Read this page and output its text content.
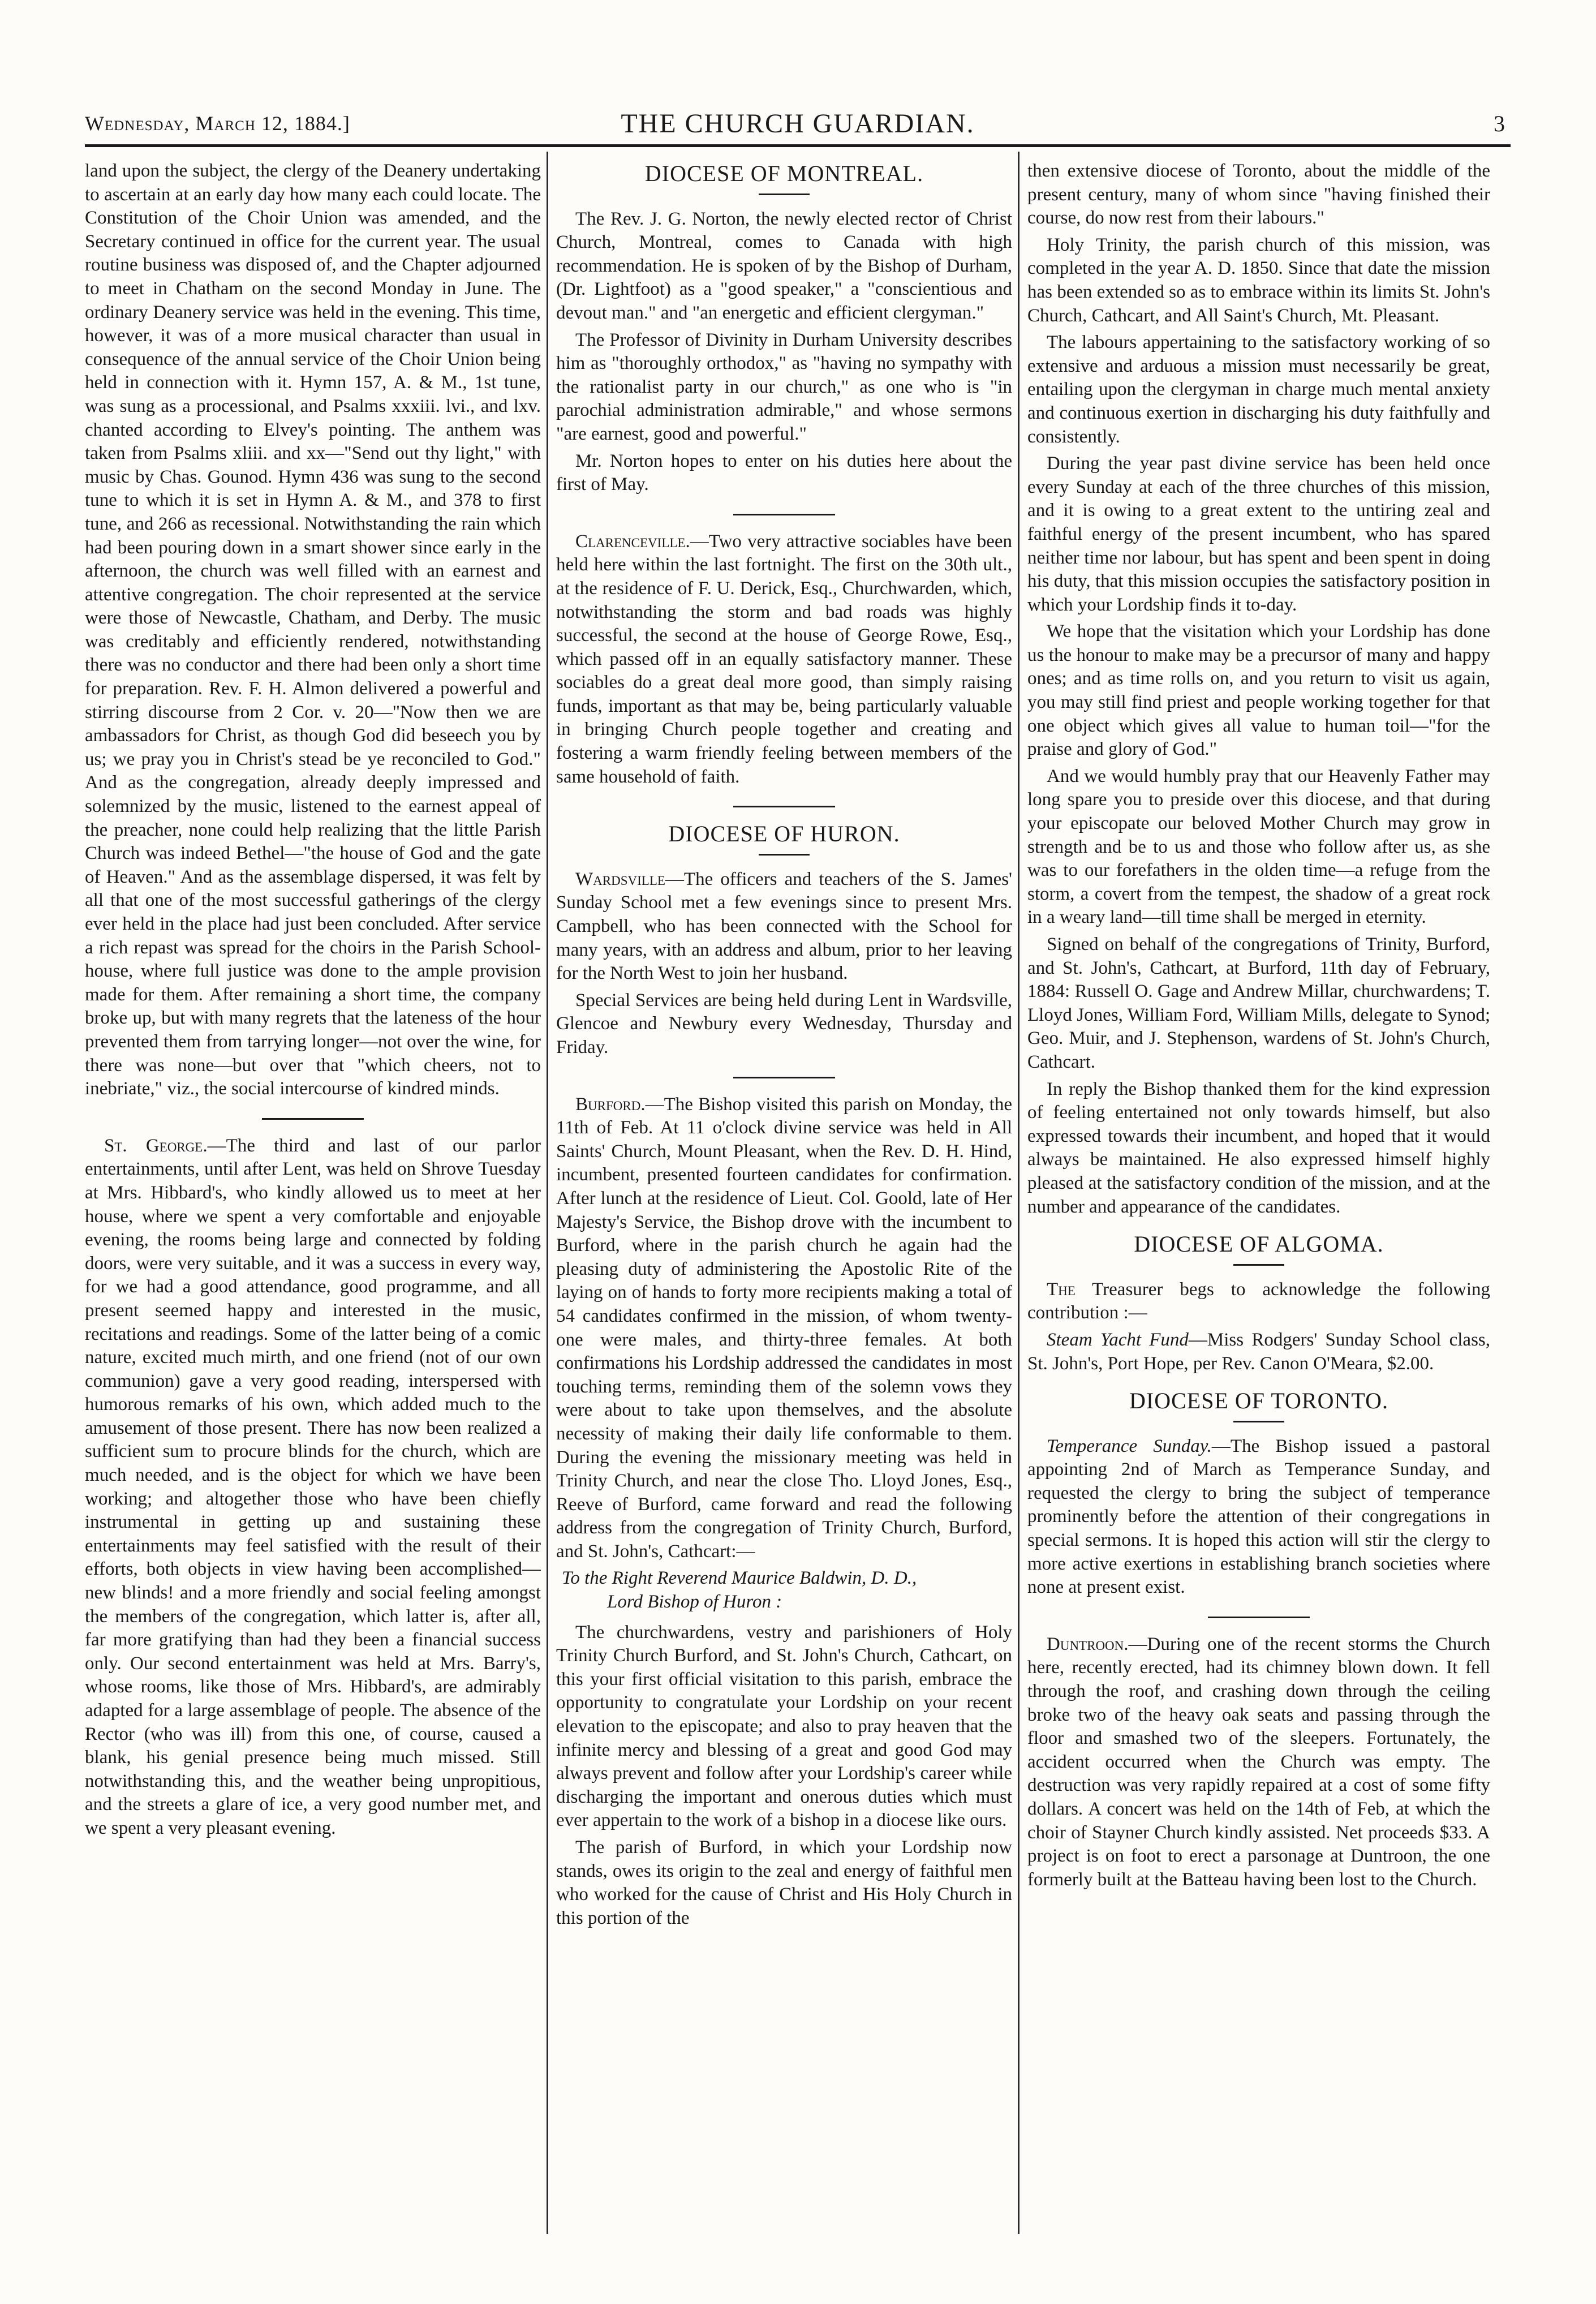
Wednesday, March 12, 1884.]	THE CHURCH GUARDIAN.	3

land upon the subject, the clergy of the Deanery undertaking to ascertain at an early day how many each could locate. The Constitution of the Choir Union was amended, and the Secretary continued in office for the current year. The usual routine business was disposed of, and the Chapter adjourned to meet in Chatham on the second Monday in June. The ordinary Deanery service was held in the evening. This time, however, it was of a more musical character than usual in consequence of the annual service of the Choir Union being held in connection with it. Hymn 157, A. & M., 1st tune, was sung as a processional, and Psalms xxxiii. lvi., and lxv. chanted according to Elvey's pointing. The anthem was taken from Psalms xliii. and xx—"Send out thy light," with music by Chas. Gounod. Hymn 436 was sung to the second tune to which it is set in Hymn A. & M., and 378 to first tune, and 266 as recessional. Notwithstanding the rain which had been pouring down in a smart shower since early in the afternoon, the church was well filled with an earnest and attentive congregation. The choir represented at the service were those of Newcastle, Chatham, and Derby. The music was creditably and efficiently rendered, notwithstanding there was no conductor and there had been only a short time for preparation. Rev. F. H. Almon delivered a powerful and stirring discourse from 2 Cor. v. 20—"Now then we are ambassadors for Christ, as though God did beseech you by us; we pray you in Christ's stead be ye reconciled to God." And as the congregation, already deeply impressed and solemnized by the music, listened to the earnest appeal of the preacher, none could help realizing that the little Parish Church was indeed Bethel—"the house of God and the gate of Heaven." And as the assemblage dispersed, it was felt by all that one of the most successful gatherings of the clergy ever held in the place had just been concluded. After service a rich repast was spread for the choirs in the Parish School-house, where full justice was done to the ample provision made for them. After remaining a short time, the company broke up, but with many regrets that the lateness of the hour prevented them from tarrying longer—not over the wine, for there was none—but over that "which cheers, not to inebriate," viz., the social intercourse of kindred minds.

St. George.—The third and last of our parlor entertainments, until after Lent, was held on Shrove Tuesday at Mrs. Hibbard's, who kindly allowed us to meet at her house, where we spent a very comfortable and enjoyable evening, the rooms being large and connected by folding doors, were very suitable, and it was a success in every way, for we had a good attendance, good programme, and all present seemed happy and interested in the music, recitations and readings. Some of the latter being of a comic nature, excited much mirth, and one friend (not of our own communion) gave a very good reading, interspersed with humorous remarks of his own, which added much to the amusement of those present. There has now been realized a sufficient sum to procure blinds for the church, which are much needed, and is the object for which we have been working; and altogether those who have been chiefly instrumental in getting up and sustaining these entertainments may feel satisfied with the result of their efforts, both objects in view having been accomplished—new blinds! and a more friendly and social feeling amongst the members of the congregation, which latter is, after all, far more gratifying than had they been a financial success only. Our second entertainment was held at Mrs. Barry's, whose rooms, like those of Mrs. Hibbard's, are admirably adapted for a large assemblage of people. The absence of the Rector (who was ill) from this one, of course, caused a blank, his genial presence being much missed. Still notwithstanding this, and the weather being unpropitious, and the streets a glare of ice, a very good number met, and we spent a very pleasant evening.

DIOCESE OF MONTREAL.

The Rev. J. G. Norton, the newly elected rector of Christ Church, Montreal, comes to Canada with high recommendation. He is spoken of by the Bishop of Durham, (Dr. Lightfoot) as a "good speaker," a "conscientious and devout man." and "an energetic and efficient clergyman."

The Professor of Divinity in Durham University describes him as "thoroughly orthodox," as "having no sympathy with the rationalist party in our church," as one who is "in parochial administration admirable," and whose sermons "are earnest, good and powerful."

Mr. Norton hopes to enter on his duties here about the first of May.

Clarenceville.—Two very attractive sociables have been held here within the last fortnight. The first on the 30th ult., at the residence of F. U. Derick, Esq., Churchwarden, which, notwithstanding the storm and bad roads was highly successful, the second at the house of George Rowe, Esq., which passed off in an equally satisfactory manner. These sociables do a great deal more good, than simply raising funds, important as that may be, being particularly valuable in bringing Church people together and creating and fostering a warm friendly feeling between members of the same household of faith.

DIOCESE OF HURON.

Wardsville—The officers and teachers of the S. James' Sunday School met a few evenings since to present Mrs. Campbell, who has been connected with the School for many years, with an address and album, prior to her leaving for the North West to join her husband.

Special Services are being held during Lent in Wardsville, Glencoe and Newbury every Wednesday, Thursday and Friday.

Burford.—The Bishop visited this parish on Monday, the 11th of Feb. At 11 o'clock divine service was held in All Saints' Church, Mount Pleasant, when the Rev. D. H. Hind, incumbent, presented fourteen candidates for confirmation. After lunch at the residence of Lieut. Col. Goold, late of Her Majesty's Service, the Bishop drove with the incumbent to Burford, where in the parish church he again had the pleasing duty of administering the Apostolic Rite of the laying on of hands to forty more recipients making a total of 54 candidates confirmed in the mission, of whom twenty-one were males, and thirty-three females. At both confirmations his Lordship addressed the candidates in most touching terms, reminding them of the solemn vows they were about to take upon themselves, and the absolute necessity of making their daily life conformable to them. During the evening the missionary meeting was held in Trinity Church, and near the close Tho. Lloyd Jones, Esq., Reeve of Burford, came forward and read the following address from the congregation of Trinity Church, Burford, and St. John's, Cathcart:—

To the Right Reverend Maurice Baldwin, D. D.,
Lord Bishop of Huron :

The churchwardens, vestry and parishioners of Holy Trinity Church Burford, and St. John's Church, Cathcart, on this your first official visitation to this parish, embrace the opportunity to congratulate your Lordship on your recent elevation to the episcopate; and also to pray heaven that the infinite mercy and blessing of a great and good God may always prevent and follow after your Lordship's career while discharging the important and onerous duties which must ever appertain to the work of a bishop in a diocese like ours.

The parish of Burford, in which your Lordship now stands, owes its origin to the zeal and energy of faithful men who worked for the cause of Christ and His Holy Church in this portion of the

then extensive diocese of Toronto, about the middle of the present century, many of whom since "having finished their course, do now rest from their labours."

Holy Trinity, the parish church of this mission, was completed in the year A. D. 1850. Since that date the mission has been extended so as to embrace within its limits St. John's Church, Cathcart, and All Saint's Church, Mt. Pleasant.

The labours appertaining to the satisfactory working of so extensive and arduous a mission must necessarily be great, entailing upon the clergyman in charge much mental anxiety and continuous exertion in discharging his duty faithfully and consistently.

During the year past divine service has been held once every Sunday at each of the three churches of this mission, and it is owing to a great extent to the untiring zeal and faithful energy of the present incumbent, who has spared neither time nor labour, but has spent and been spent in doing his duty, that this mission occupies the satisfactory position in which your Lordship finds it to-day.

We hope that the visitation which your Lordship has done us the honour to make may be a precursor of many and happy ones; and as time rolls on, and you return to visit us again, you may still find priest and people working together for that one object which gives all value to human toil—"for the praise and glory of God."

And we would humbly pray that our Heavenly Father may long spare you to preside over this diocese, and that during your episcopate our beloved Mother Church may grow in strength and be to us and those who follow after us, as she was to our forefathers in the olden time—a refuge from the storm, a covert from the tempest, the shadow of a great rock in a weary land—till time shall be merged in eternity.

Signed on behalf of the congregations of Trinity, Burford, and St. John's, Cathcart, at Burford, 11th day of February, 1884: Russell O. Gage and Andrew Millar, churchwardens; T. Lloyd Jones, William Ford, William Mills, delegate to Synod; Geo. Muir, and J. Stephenson, wardens of St. John's Church, Cathcart.

In reply the Bishop thanked them for the kind expression of feeling entertained not only towards himself, but also expressed towards their incumbent, and hoped that it would always be maintained. He also expressed himself highly pleased at the satisfactory condition of the mission, and at the number and appearance of the candidates.

DIOCESE OF ALGOMA.

The Treasurer begs to acknowledge the following contribution :—

Steam Yacht Fund—Miss Rodgers' Sunday School class, St. John's, Port Hope, per Rev. Canon O'Meara, $2.00.

DIOCESE OF TORONTO.

Temperance Sunday.—The Bishop issued a pastoral appointing 2nd of March as Temperance Sunday, and requested the clergy to bring the subject of temperance prominently before the attention of their congregations in special sermons. It is hoped this action will stir the clergy to more active exertions in establishing branch societies where none at present exist.

Duntroon.—During one of the recent storms the Church here, recently erected, had its chimney blown down. It fell through the roof, and crashing down through the ceiling broke two of the heavy oak seats and passing through the floor and smashed two of the sleepers. Fortunately, the accident occurred when the Church was empty. The destruction was very rapidly repaired at a cost of some fifty dollars. A concert was held on the 14th of Feb, at which the choir of Stayner Church kindly assisted. Net proceeds $33. A project is on foot to erect a parsonage at Duntroon, the one formerly built at the Batteau having been lost to the Church.
